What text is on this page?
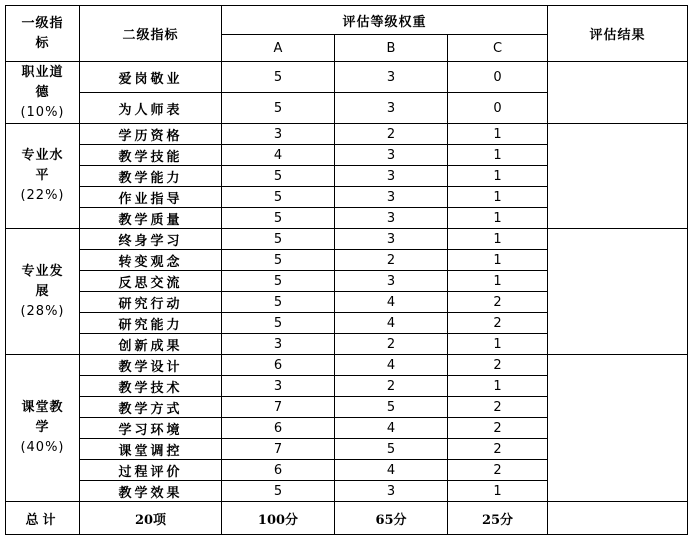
一级指标	二级指标	评估等级权重			评估结果
		A	B	C	

职业道德
(10%)	爱岗敬业	5	3	0	
	为人师表	5	3	0	

专业水平
(22%)	学历资格	3	2	1	
	教学技能	4	3	1	
	教学能力	5	3	1	
	作业指导	5	3	1	
	教学质量	5	3	1	

专业发展
(28%)	终身学习	5	3	1	
	转变观念	5	2	1	
	反思交流	5	3	1	
	研究行动	5	4	2	
	研究能力	5	4	2	
	创新成果	3	2	1	

课堂教学
(40%)	教学设计	6	4	2	
	教学技术	3	2	1	
	教学方式	7	5	2	
	学习环境	6	4	2	
	课堂调控	7	5	2	
	过程评价	6	4	2	
	教学效果	5	3	1	
总计	20项	100分	65分	25分	
